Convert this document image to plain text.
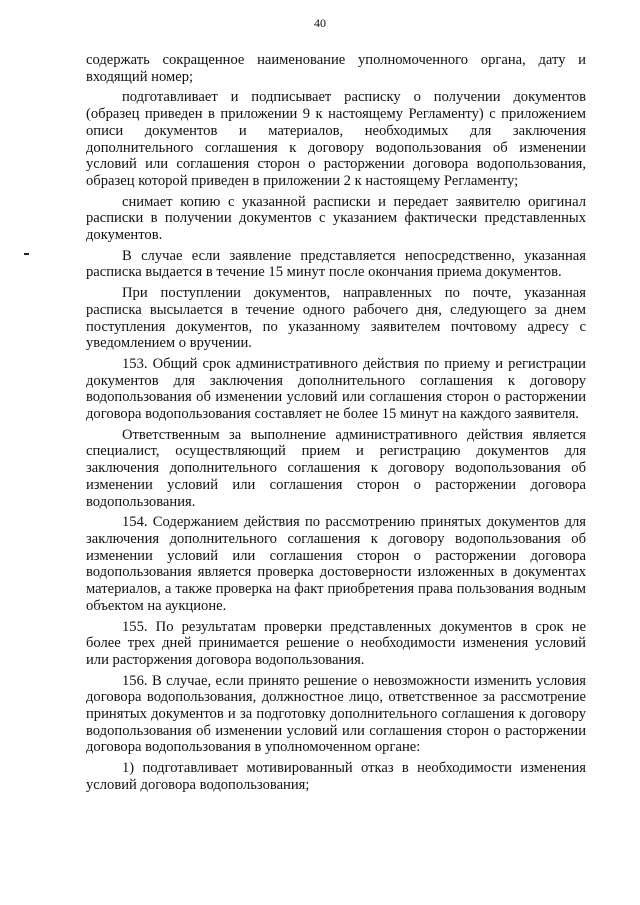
40

содержать сокращенное наименование уполномоченного органа, дату и входящий номер;

подготавливает и подписывает расписку о получении документов (образец приведен в приложении 9 к настоящему Регламенту) с приложением описи документов и материалов, необходимых для заключения дополнительного соглашения к договору водопользования об изменении условий или соглашения сторон о расторжении договора водопользования, образец которой приведен в приложении 2 к настоящему Регламенту;

снимает копию с указанной расписки и передает заявителю оригинал расписки в получении документов с указанием фактически представленных документов.

В случае если заявление представляется непосредственно, указанная расписка выдается в течение 15 минут после окончания приема документов.

При поступлении документов, направленных по почте, указанная расписка высылается в течение одного рабочего дня, следующего за днем поступления документов, по указанному заявителем почтовому адресу с уведомлением о вручении.

153. Общий срок административного действия по приему и регистрации документов для заключения дополнительного соглашения к договору водопользования об изменении условий или соглашения сторон о расторжении договора водопользования составляет не более 15 минут на каждого заявителя.

Ответственным за выполнение административного действия является специалист, осуществляющий прием и регистрацию документов для заключения дополнительного соглашения к договору водопользования об изменении условий или соглашения сторон о расторжении договора водопользования.

154. Содержанием действия по рассмотрению принятых документов для заключения дополнительного соглашения к договору водопользования об изменении условий или соглашения сторон о расторжении договора водопользования является проверка достоверности изложенных в документах материалов, а также проверка на факт приобретения права пользования водным объектом на аукционе.

155. По результатам проверки представленных документов в срок не более трех дней принимается решение о необходимости изменения условий или расторжения договора водопользования.

156. В случае, если принято решение о невозможности изменить условия договора водопользования, должностное лицо, ответственное за рассмотрение принятых документов и за подготовку дополнительного соглашения к договору водопользования об изменении условий или соглашения сторон о расторжении договора водопользования в уполномоченном органе:

1) подготавливает мотивированный отказ в необходимости изменения условий договора водопользования;
